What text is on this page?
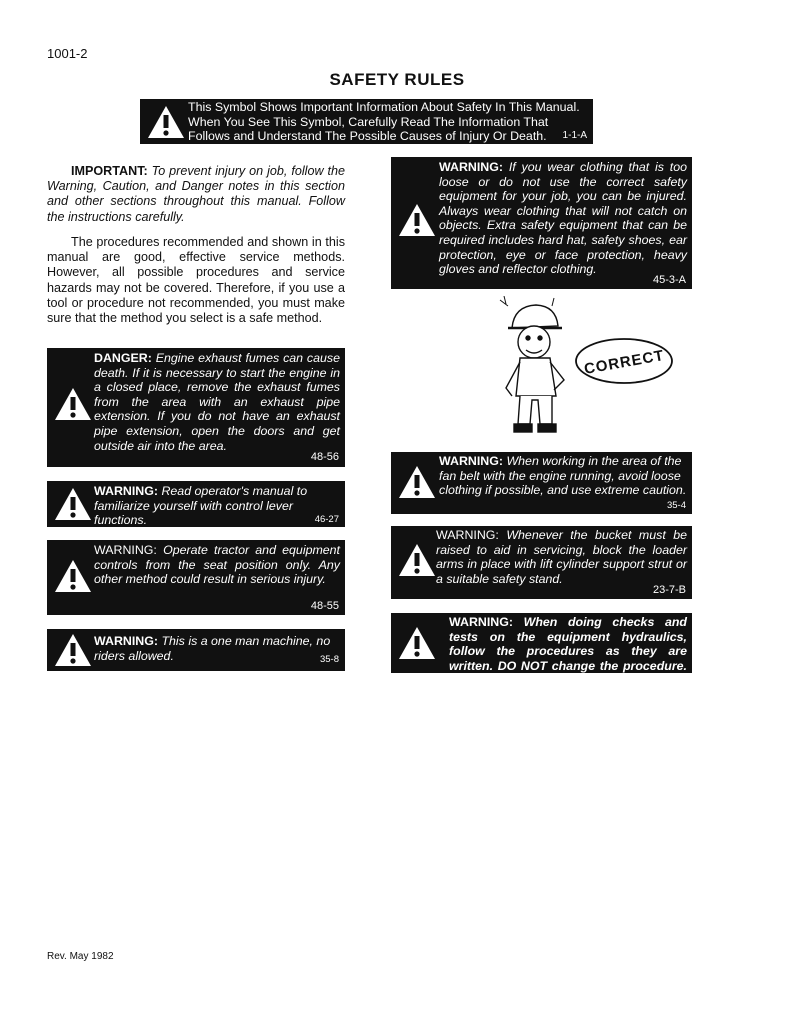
1001-2
SAFETY RULES
This Symbol Shows Important Information About Safety In This Manual.
When You See This Symbol, Carefully Read The Information That
Follows and Understand The Possible Causes of Injury Or Death.	1-1-A
IMPORTANT: To prevent injury on job, follow the Warning, Caution, and Danger notes in this section and other sections throughout this manual. Follow the instructions carefully.
The procedures recommended and shown in this manual are good, effective service methods. However, all possible procedures and service hazards may not be covered. Therefore, if you use a tool or procedure not recommended, you must make sure that the method you select is a safe method.
DANGER: Engine exhaust fumes can cause death. If it is necessary to start the engine in a closed place, remove the exhaust fumes from the area with an exhaust pipe extension. If you do not have an exhaust pipe extension, open the doors and get outside air into the area.
48-56
WARNING: Read operator's manual to familiarize yourself with control lever functions.	46-27
WARNING: Operate tractor and equipment controls from the seat position only. Any other method could result in serious injury.
48-55
WARNING: This is a one man machine, no riders allowed.	35-8
WARNING: If you wear clothing that is too loose or do not use the correct safety equipment for your job, you can be injured. Always wear clothing that will not catch on objects. Extra safety equipment that can be required includes hard hat, safety shoes, ear protection, eye or face protection, heavy gloves and reflector clothing.
45-3-A
CORRECT
WARNING: When working in the area of the fan belt with the engine running, avoid loose clothing if possible, and use extreme caution.
35-4
WARNING: Whenever the bucket must be raised to aid in servicing, block the loader arms in place with lift cylinder support strut or a suitable safety stand.
23-7-B
WARNING: When doing checks and tests on the equipment hydraulics, follow the procedures as they are written. DO NOT change the procedure. 47-44
Rev. May 1982
